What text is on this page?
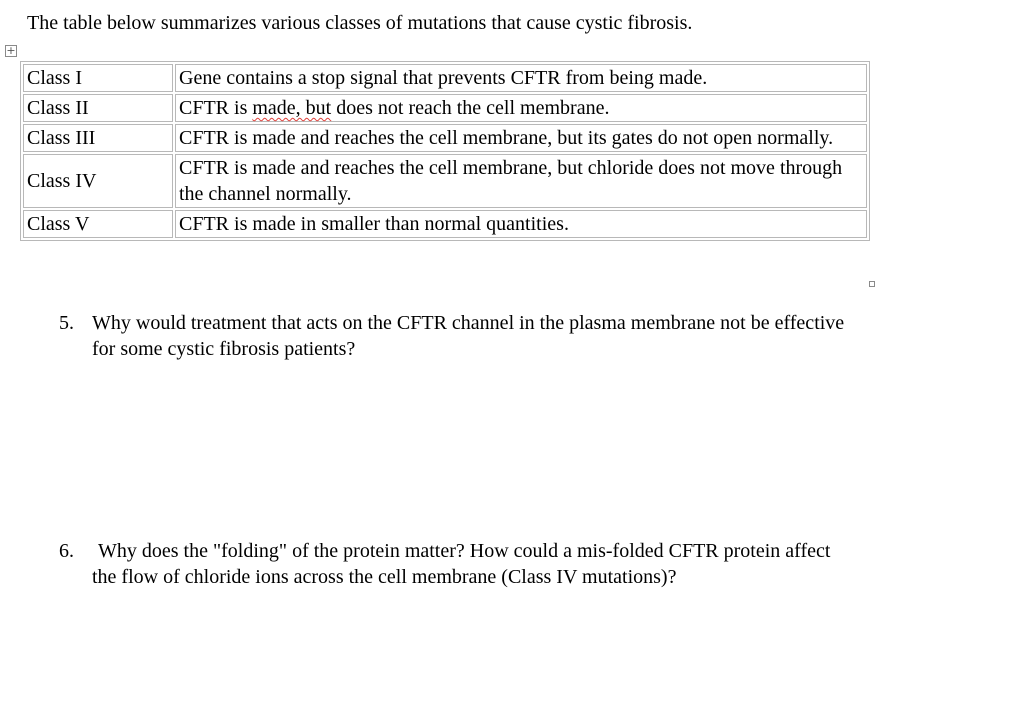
The table below summarizes various classes of mutations that cause cystic fibrosis.
+
Class I	Gene contains a stop signal that prevents CFTR from being made.
Class II	CFTR is made, but does not reach the cell membrane.
Class III	CFTR is made and reaches the cell membrane, but its gates do not open normally.
Class IV	CFTR is made and reaches the cell membrane, but chloride does not move through the channel normally.
Class V	CFTR is made in smaller than normal quantities.
5. Why would treatment that acts on the CFTR channel in the plasma membrane not be effective for some cystic fibrosis patients?
6.	Why does the "folding" of the protein matter? How could a mis-folded CFTR protein affect
the flow of chloride ions across the cell membrane (Class IV mutations)?
